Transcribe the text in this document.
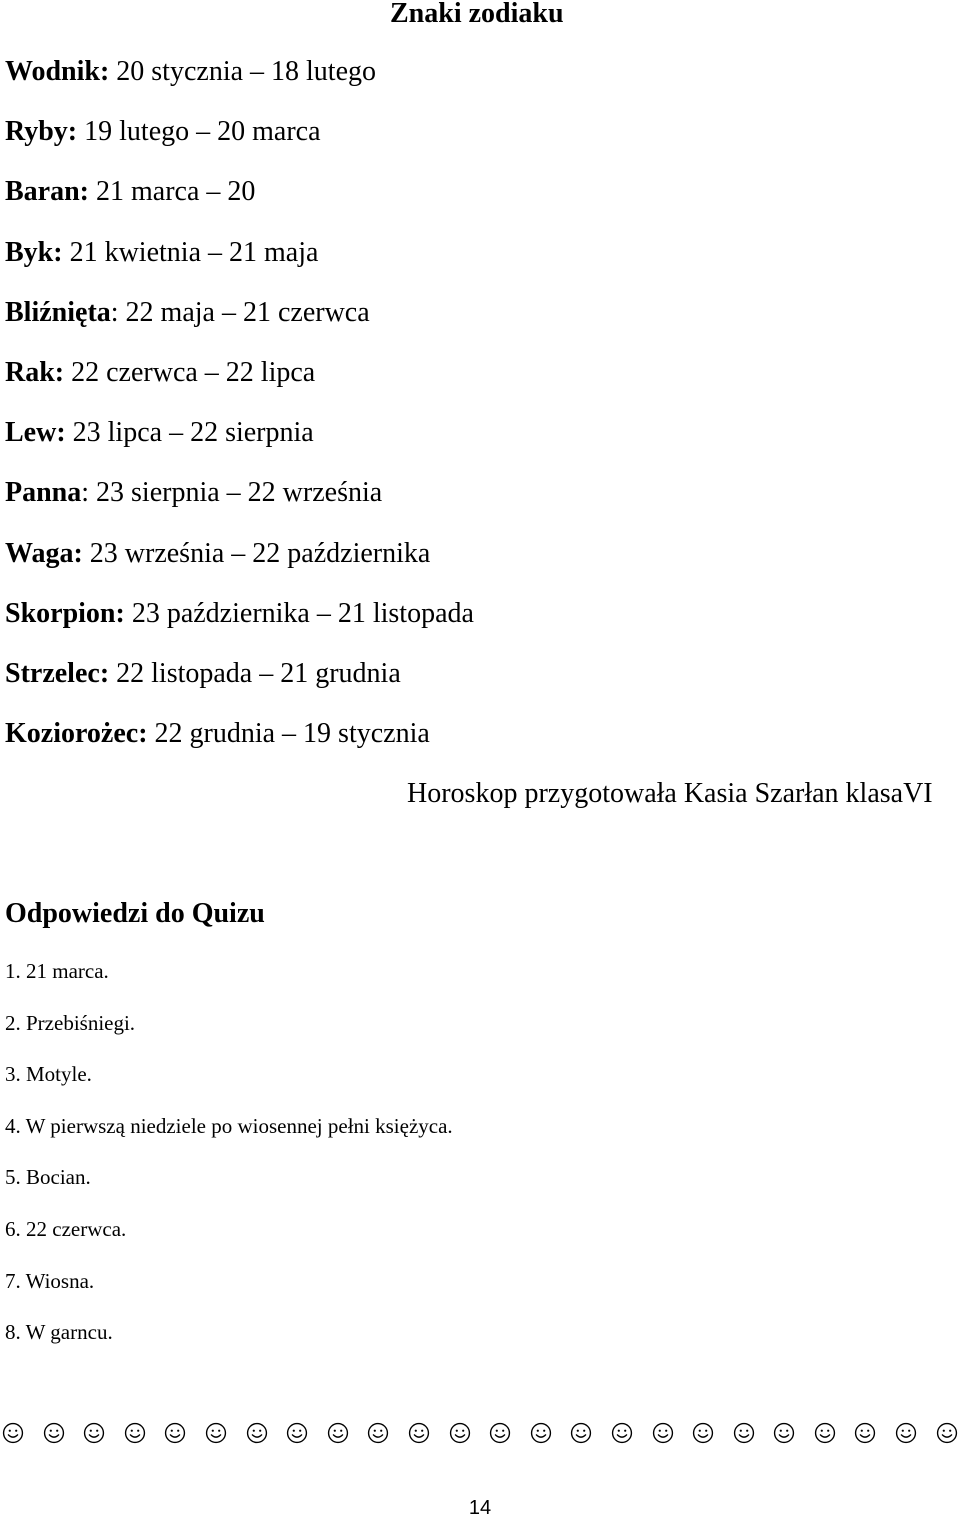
Znaki zodiaku
Wodnik: 20 stycznia – 18 lutego
Ryby: 19 lutego – 20 marca
Baran: 21 marca – 20
Byk: 21 kwietnia – 21 maja
Bliźnięta: 22 maja – 21 czerwca
Rak: 22 czerwca – 22 lipca
Lew: 23 lipca – 22 sierpnia
Panna: 23 sierpnia – 22 września
Waga: 23 września – 22 października
Skorpion: 23 października – 21 listopada
Strzelec: 22 listopada – 21 grudnia
Koziorożec: 22 grudnia – 19 stycznia
Horoskop przygotowała Kasia Szarłan klasaVI
Odpowiedzi do Quizu
1. 21 marca.
2. Przebiśniegi.
3. Motyle.
4. W pierwszą niedziele po wiosennej pełni księżyca.
5. Bocian.
6. 22 czerwca.
7. Wiosna.
8. W garncu.
14
